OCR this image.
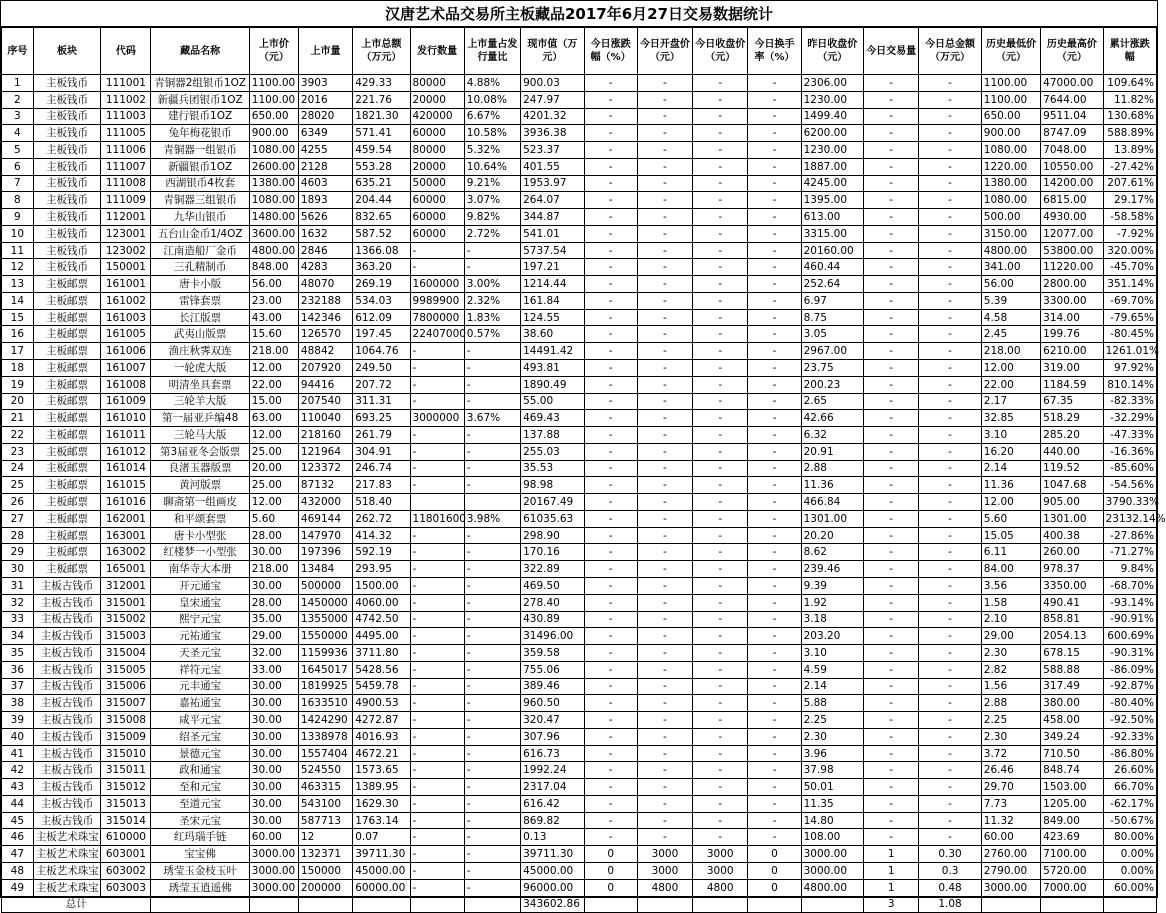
汉唐艺术品交易所主板藏品2017年6月27日交易数据统计
序号	板块	代码	藏品名称	上市价（元）	上市量	上市总额（万元）	发行数量	上市量占发行量比	现市值（万元）	今日涨跌幅（%）	今日开盘价（元）	今日收盘价（元）	今日换手率（%）	昨日收盘价（元）	今日交易量	今日总金额（万元）	历史最低价（元）	历史最高价（元）	累计涨跌幅
1	主板钱币	111001	青铜器2组银币1OZ	1100.00	3903	429.33	80000	4.88%	900.03	-	-	-	-	2306.00	-	-	1100.00	47000.00	109.64%
2	主板钱币	111002	新疆兵团银币1OZ	1100.00	2016	221.76	20000	10.08%	247.97	-	-	-	-	1230.00	-	-	1100.00	7644.00	11.82%
3	主板钱币	111003	建行银币1OZ	650.00	28020	1821.30	420000	6.67%	4201.32	-	-	-	-	1499.40	-	-	650.00	9511.04	130.68%
4	主板钱币	111005	兔年梅花银币	900.00	6349	571.41	60000	10.58%	3936.38	-	-	-	-	6200.00	-	-	900.00	8747.09	588.89%
5	主板钱币	111006	青铜器一组银币	1080.00	4255	459.54	80000	5.32%	523.37	-	-	-	-	1230.00	-	-	1080.00	7048.00	13.89%
6	主板钱币	111007	新疆银币1OZ	2600.00	2128	553.28	20000	10.64%	401.55	-	-	-	-	1887.00	-	-	1220.00	10550.00	-27.42%
7	主板钱币	111008	西湖银币4枚套	1380.00	4603	635.21	50000	9.21%	1953.97	-	-	-	-	4245.00	-	-	1380.00	14200.00	207.61%
8	主板钱币	111009	青铜器三组银币	1080.00	1893	204.44	60000	3.07%	264.07	-	-	-	-	1395.00	-	-	1080.00	6815.00	29.17%
9	主板钱币	112001	九华山银币	1480.00	5626	832.65	60000	9.82%	344.87	-	-	-	-	613.00	-	-	500.00	4930.00	-58.58%
10	主板钱币	123001	五台山金币1/4OZ	3600.00	1632	587.52	60000	2.72%	541.01	-	-	-	-	3315.00	-	-	3150.00	12077.00	-7.92%
11	主板钱币	123002	江南造船厂金币	4800.00	2846	1366.08	-	-	5737.54	-	-	-	-	20160.00	-	-	4800.00	53800.00	320.00%
12	主板钱币	150001	三孔精制币	848.00	4283	363.20	-	-	197.21	-	-	-	-	460.44	-	-	341.00	11220.00	-45.70%
13	主板邮票	161001	唐卡小版	56.00	48070	269.19	1600000	3.00%	1214.44	-	-	-	-	252.64	-	-	56.00	2800.00	351.14%
14	主板邮票	161002	雷锋套票	23.00	232188	534.03	9989900	2.32%	161.84	-	-	-	-	6.97	-	-	5.39	3300.00	-69.70%
15	主板邮票	161003	长江版票	43.00	142346	612.09	7800000	1.83%	124.55	-	-	-	-	8.75	-	-	4.58	314.00	-79.65%
16	主板邮票	161005	武夷山版票	15.60	126570	197.45	22407000	0.57%	38.60	-	-	-	-	3.05	-	-	2.45	199.76	-80.45%
17	主板邮票	161006	渔庄秋霁双连	218.00	48842	1064.76	-	-	14491.42	-	-	-	-	2967.00	-	-	218.00	6210.00	1261.01%
18	主板邮票	161007	一轮虎大版	12.00	207920	249.50	-	-	493.81	-	-	-	-	23.75	-	-	12.00	319.00	97.92%
19	主板邮票	161008	明清坐具套票	22.00	94416	207.72	-	-	1890.49	-	-	-	-	200.23	-	-	22.00	1184.59	810.14%
20	主板邮票	161009	三轮羊大版	15.00	207540	311.31	-	-	55.00	-	-	-	-	2.65	-	-	2.17	67.35	-82.33%
21	主板邮票	161010	第一届亚乒编48	63.00	110040	693.25	3000000	3.67%	469.43	-	-	-	-	42.66	-	-	32.85	518.29	-32.29%
22	主板邮票	161011	三轮马大版	12.00	218160	261.79	-	-	137.88	-	-	-	-	6.32	-	-	3.10	285.20	-47.33%
23	主板邮票	161012	第3届亚冬会版票	25.00	121964	304.91	-	-	255.03	-	-	-	-	20.91	-	-	16.20	440.00	-16.36%
24	主板邮票	161014	良渚玉器版票	20.00	123372	246.74	-	-	35.53	-	-	-	-	2.88	-	-	2.14	119.52	-85.60%
25	主板邮票	161015	黄河版票	25.00	87132	217.83	-	-	98.98	-	-	-	-	11.36	-	-	11.36	1047.68	-54.56%
26	主板邮票	161016	聊斋第一组画皮	12.00	432000	518.40			20167.49	-	-	-	-	466.84	-	-	12.00	905.00	3790.33%
27	主板邮票	162001	和平颂套票	5.60	469144	262.72	11801600	3.98%	61035.63	-	-	-	-	1301.00	-	-	5.60	1301.00	23132.14%
28	主板邮票	163001	唐卡小型张	28.00	147970	414.32	-	-	298.90	-	-	-	-	20.20	-	-	15.05	400.38	-27.86%
29	主板邮票	163002	红楼梦一小型张	30.00	197396	592.19	-	-	170.16	-	-	-	-	8.62	-	-	6.11	260.00	-71.27%
30	主板邮票	165001	南华寺大本册	218.00	13484	293.95	-	-	322.89	-	-	-	-	239.46	-	-	84.00	978.37	9.84%
31	主板古钱币	312001	开元通宝	30.00	500000	1500.00	-	-	469.50	-	-	-	-	9.39	-	-	3.56	3350.00	-68.70%
32	主板古钱币	315001	皇宋通宝	28.00	1450000	4060.00	-	-	278.40	-	-	-	-	1.92	-	-	1.58	490.41	-93.14%
33	主板古钱币	315002	熙宁元宝	35.00	1355000	4742.50	-	-	430.89	-	-	-	-	3.18	-	-	2.10	858.81	-90.91%
34	主板古钱币	315003	元祐通宝	29.00	1550000	4495.00	-	-	31496.00	-	-	-	-	203.20	-	-	29.00	2054.13	600.69%
35	主板古钱币	315004	天圣元宝	32.00	1159936	3711.80	-	-	359.58	-	-	-	-	3.10	-	-	2.30	678.15	-90.31%
36	主板古钱币	315005	祥符元宝	33.00	1645017	5428.56	-	-	755.06	-	-	-	-	4.59	-	-	2.82	588.88	-86.09%
37	主板古钱币	315006	元丰通宝	30.00	1819925	5459.78	-	-	389.46	-	-	-	-	2.14	-	-	1.56	317.49	-92.87%
38	主板古钱币	315007	嘉祐通宝	30.00	1633510	4900.53	-	-	960.50	-	-	-	-	5.88	-	-	2.88	380.00	-80.40%
39	主板古钱币	315008	咸平元宝	30.00	1424290	4272.87	-	-	320.47	-	-	-	-	2.25	-	-	2.25	458.00	-92.50%
40	主板古钱币	315009	绍圣元宝	30.00	1338978	4016.93	-	-	307.96	-	-	-	-	2.30	-	-	2.30	349.24	-92.33%
41	主板古钱币	315010	景德元宝	30.00	1557404	4672.21	-	-	616.73	-	-	-	-	3.96	-	-	3.72	710.50	-86.80%
42	主板古钱币	315011	政和通宝	30.00	524550	1573.65	-	-	1992.24	-	-	-	-	37.98	-	-	26.46	848.74	26.60%
43	主板古钱币	315012	至和元宝	30.00	463315	1389.95	-	-	2317.04	-	-	-	-	50.01	-	-	29.70	1503.00	66.70%
44	主板古钱币	315013	至道元宝	30.00	543100	1629.30	-	-	616.42	-	-	-	-	11.35	-	-	7.73	1205.00	-62.17%
45	主板古钱币	315014	圣宋元宝	30.00	587713	1763.14	-	-	869.82	-	-	-	-	14.80	-	-	11.32	849.00	-50.67%
46	主板艺术珠宝	610000	红玛瑙手链	60.00	12	0.07	-	-	0.13	-	-	-	-	108.00	-	-	60.00	423.69	80.00%
47	主板艺术珠宝	603001	宝宝佛	3000.00	132371	39711.30	-	-	39711.30	0	3000	3000	0	3000.00	1	0.30	2760.00	7100.00	0.00%
48	主板艺术珠宝	603002	琇莹玉金枝玉叶	3000.00	150000	45000.00	-	-	45000.00	0	3000	3000	0	3000.00	1	0.3	2790.00	5720.00	0.00%
49	主板艺术珠宝	603003	琇莹玉逍遥佛	3000.00	200000	60000.00	-	-	96000.00	0	4800	4800	0	4800.00	1	0.48	3000.00	7000.00	60.00%
总计									343602.86						3	1.08			
